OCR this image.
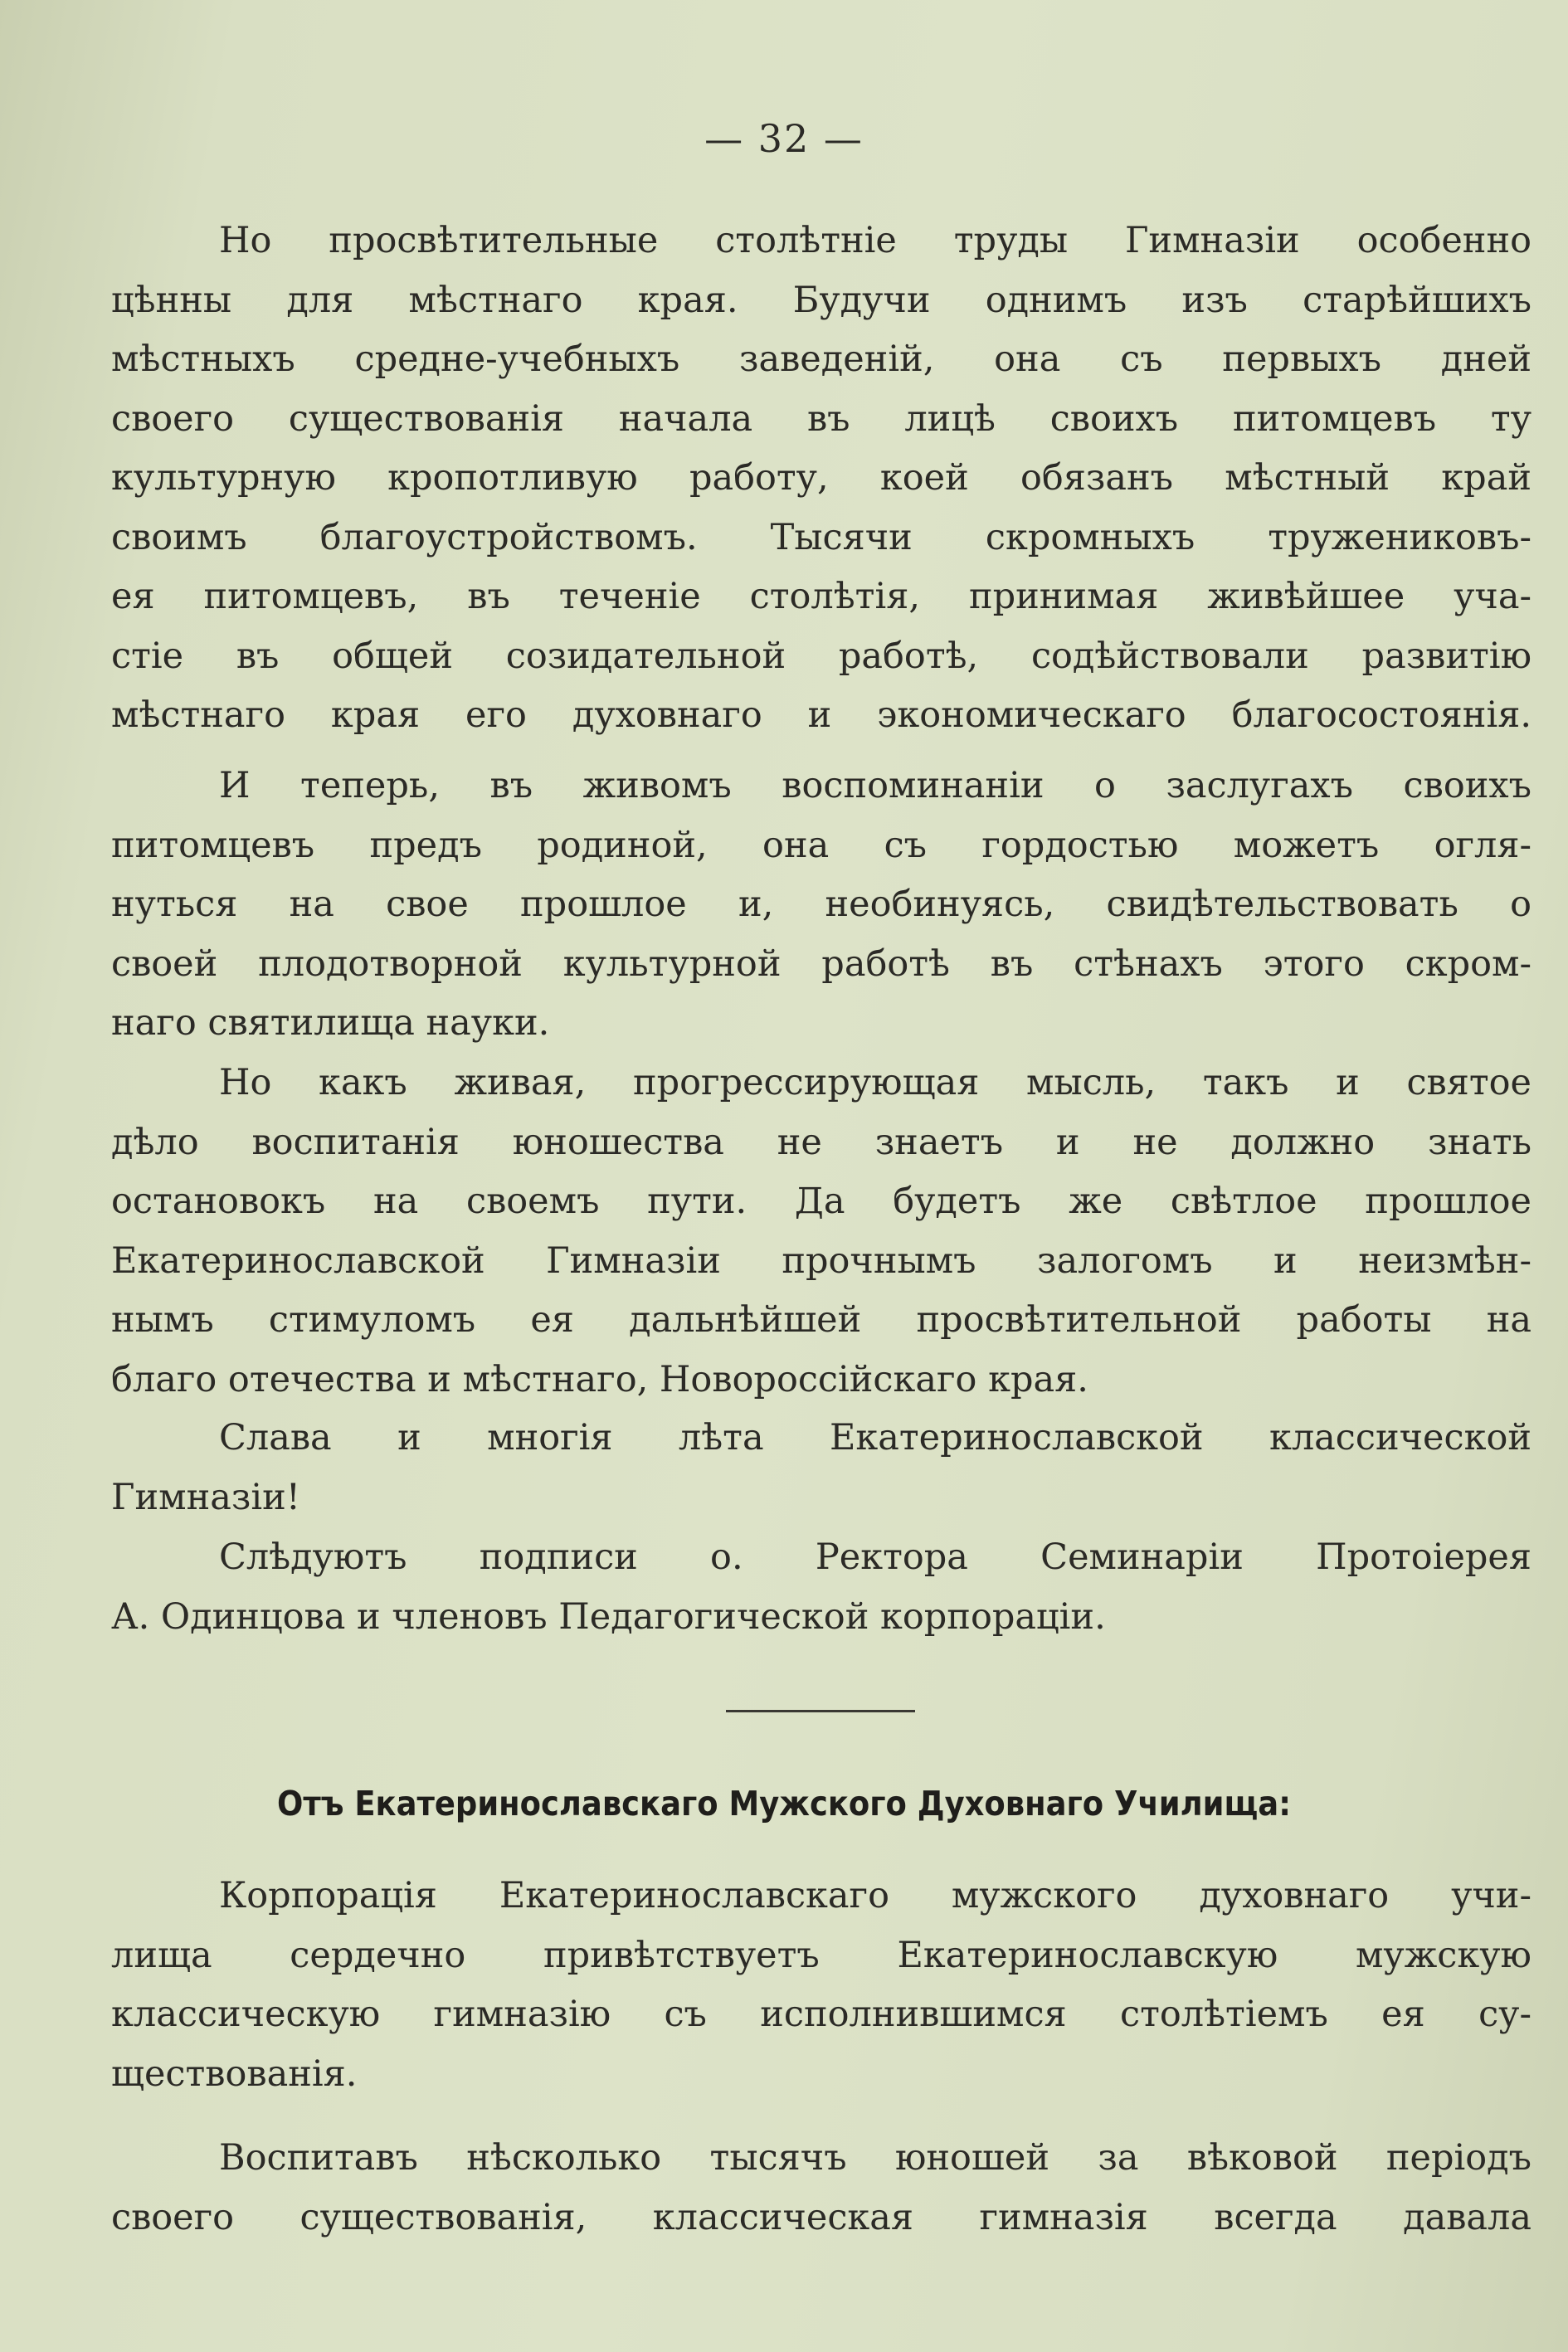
— 32 —

Но просвѣтительные столѣтніе труды Гимназіи особенно

цѣнны для мѣстнаго края. Будучи однимъ изъ старѣйшихъ

мѣстныхъ средне-учебныхъ заведеній, она съ первыхъ дней

своего существованія начала въ лицѣ своихъ питомцевъ ту

культурную кропотливую работу, коей обязанъ мѣстный край

своимъ благоустройствомъ. Тысячи скромныхъ тружениковъ-

ея питомцевъ, въ теченіе столѣтія, принимая живѣйшее уча-

стіе въ общей созидательной работѣ, содѣйствовали развитію

мѣстнаго края его духовнаго и экономическаго благосостоянія.

И теперь, въ живомъ воспоминаніи о заслугахъ своихъ

питомцевъ предъ родиной, она съ гордостью можетъ огля-

нуться на свое прошлое и, необинуясь, свидѣтельствовать о

своей плодотворной культурной работѣ въ стѣнахъ этого скром-

наго святилища науки.

Но какъ живая, прогрессирующая мысль, такъ и святое

дѣло воспитанія юношества не знаетъ и не должно знать

остановокъ на своемъ пути. Да будетъ же свѣтлое прошлое

Екатеринославской Гимназіи прочнымъ залогомъ и неизмѣн-

нымъ стимуломъ ея дальнѣйшей просвѣтительной работы на

благо отечества и мѣстнаго, Новороссійскаго края.

Слава и многія лѣта Екатеринославской классической

Гимназіи!

Слѣдуютъ подписи о. Ректора Семинаріи Протоіерея

А. Одинцова и членовъ Педагогической корпораціи.

Отъ Екатеринославскаго Мужского Духовнаго Училища:

Корпорація Екатеринославскаго мужского духовнаго учи-

лища сердечно привѣтствуетъ Екатеринославскую мужскую

классическую гимназію съ исполнившимся столѣтіемъ ея су-

ществованія.

Воспитавъ нѣсколько тысячъ юношей за вѣковой періодъ

своего существованія, классическая гимназія всегда давала
